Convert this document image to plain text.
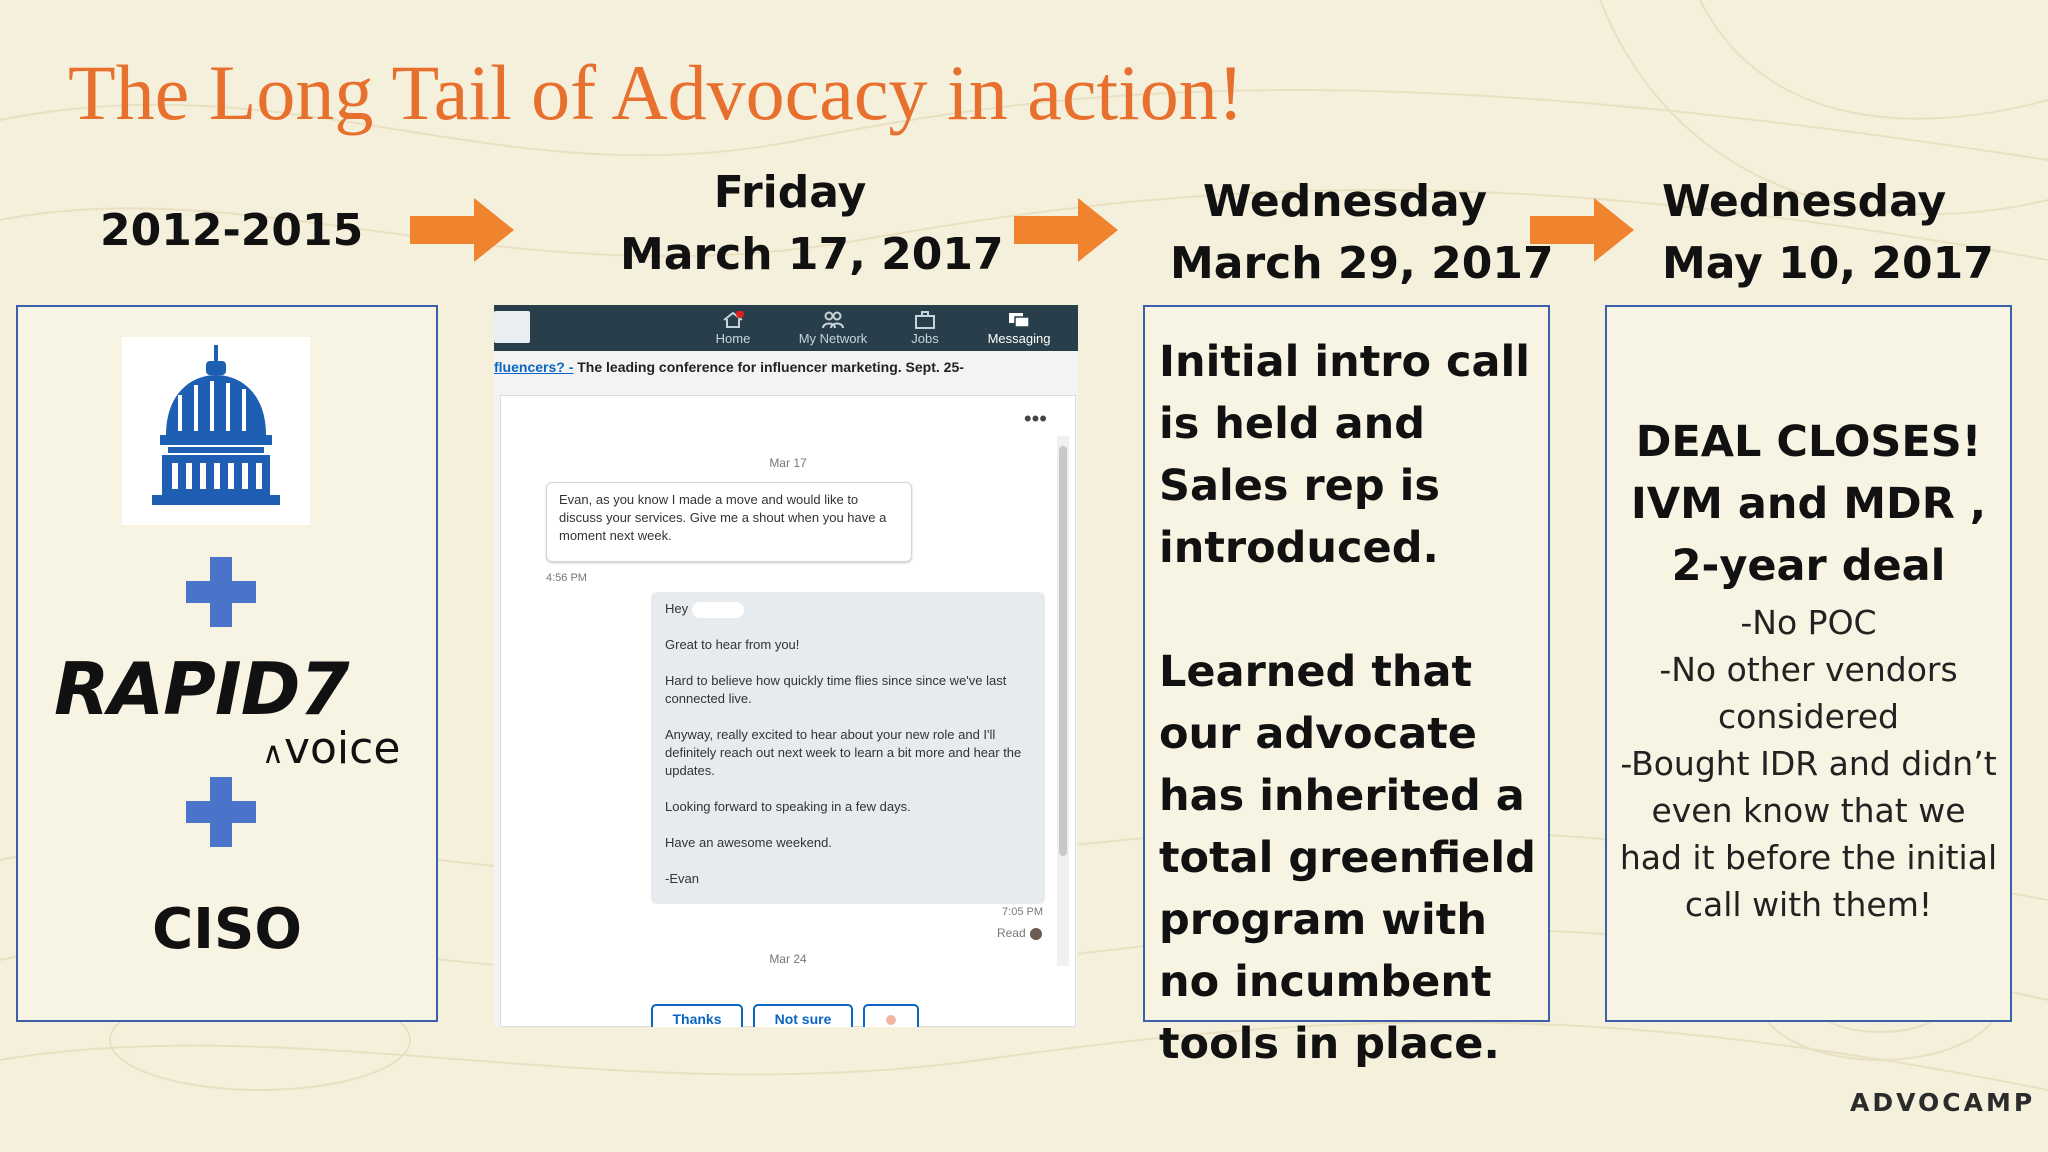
The Long Tail of Advocacy in action!
2012-2015
Friday
March 17, 2017
Wednesday
March 29, 2017
Wednesday
May 10, 2017
RAPID7
∧voice
CISO
Home	My Network	Jobs	Messaging
fluencers? - The leading conference for influencer marketing. Sept. 25-
•••
Mar 17
Evan, as you know I made a move and would like to discuss your services. Give me a shout when you have a moment next week.
4:56 PM

Hey

Great to hear from you!

Hard to believe how quickly time flies since since we've last connected live.

Anyway, really excited to hear about your new role and I'll definitely reach out next week to learn a bit more and hear the updates.

Looking forward to speaking in a few days.

Have an awesome weekend.

-Evan

7:05 PM
Read
Mar 24
Thanks	Not sure

Initial intro call is held and Sales rep is introduced.

Learned that our advocate has inherited a total greenfield program with no incumbent tools in place.

DEAL CLOSES!
IVM and MDR ,
2-year deal

-No POC

-No other vendors considered

-Bought IDR and didn’t even know that we had it before the initial call with them!

ADVOCAMP
